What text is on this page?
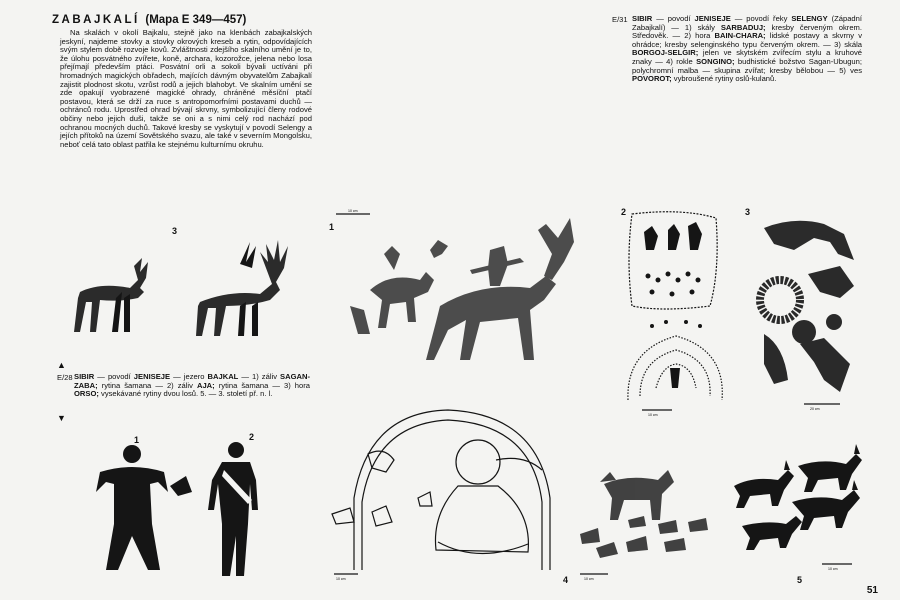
ZABAJKALÍ (Mapa E 349—457)
Na skalách v okolí Bajkalu, stejně jako na klenbách zabajkalských jeskyní, najdeme stovky a stovky okrových kreseb a rytin, odpovídajících svým stylem době rozvoje kovů. Zvláštnosti zdejšího skalního umění je to, že úlohu posvátného zvířete, koně, archara, kozorožce, jelena nebo losa přejímají především ptáci. Posvátní orli a sokoli bývali uctíváni při hromadných magických obřadech, majících dávným obyvatelům Zabajkalí zajistit plodnost skotu, vzrůst rodů a jejich blahobyt. Ve skalním umění se zde opakují vyobrazené magické ohrady, chráněné měsíční ptačí postavou, která se drží za ruce s antropomorfními postavami duchů — ochránců rodu. Uprostřed ohrad bývají skrvny, symbolizující členy rodové občiny nebo jejich duši, takže se oni a s nimi celý rod nachází pod ochranou mocných duchů. Takové kresby se vyskytují v povodí Selengy a jejích přítoků na území Sovětského svazu, ale také v severním Mongolsku, neboť celá tato oblast patřila ke stejnému kulturnímu okruhu.
E/31 SIBIR — povodí JENISEJE — povodí řeky SELENGY (Západní Zabajkalí) — 1) skály SARBADUJ; kresby červeným okrem. Středověk. — 2) hora BAIN-CHARA; lidské postavy a skvrny v ohrádce; kresby selenginského typu červeným okrem. — 3) skála BORGOJ-SELGIR; jelen ve skytském zvířecím stylu a kruhové znaky — 4) rokle SONGINO; budhistické božstvo Sagan-Ubugun; polychromní malba — skupina zvířat; kresby bělobou — 5) ves POVOROT; vybroušené rytiny oslů-kulanů.
▲
E/28 SIBIR — povodí JENISEJE — jezero BAJKAL — 1) záliv SAGAN-ZABA; rytina šamana — 2) záliv AJA; rytina šamana — 3) hora ORSO; vysekávané rytiny dvou losů. 5. — 3. století př. n. l.
▼
3
1	2
1
2	3
4	5
10 cm
10 cm
20 cm
10 cm	10 cm
10 cm
51
